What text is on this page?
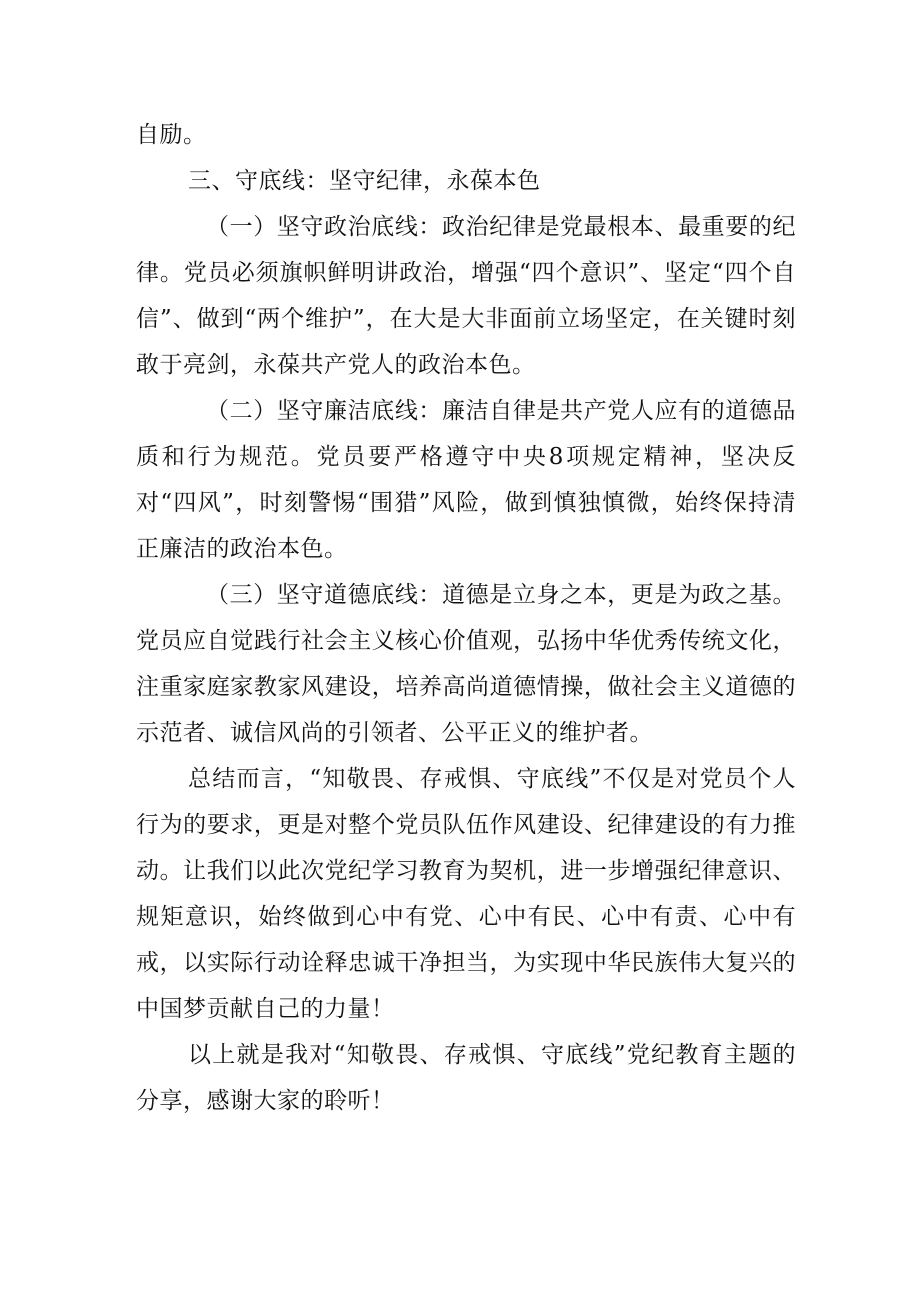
自励。

三、守底线：坚守纪律，永葆本色

（一）坚守政治底线：政治纪律是党最根本、最重要的纪律。党员必须旗帜鲜明讲政治，增强“四个意识”、坚定“四个自信”、做到“两个维护”，在大是大非面前立场坚定，在关键时刻敢于亮剑，永葆共产党人的政治本色。

（二）坚守廉洁底线：廉洁自律是共产党人应有的道德品质和行为规范。党员要严格遵守中央8项规定精神，坚决反对“四风”，时刻警惕“围猎”风险，做到慎独慎微，始终保持清正廉洁的政治本色。

（三）坚守道德底线：道德是立身之本，更是为政之基。党员应自觉践行社会主义核心价值观，弘扬中华优秀传统文化，注重家庭家教家风建设，培养高尚道德情操，做社会主义道德的示范者、诚信风尚的引领者、公平正义的维护者。

总结而言，“知敬畏、存戒惧、守底线”不仅是对党员个人行为的要求，更是对整个党员队伍作风建设、纪律建设的有力推动。让我们以此次党纪学习教育为契机，进一步增强纪律意识、规矩意识，始终做到心中有党、心中有民、心中有责、心中有戒，以实际行动诠释忠诚干净担当，为实现中华民族伟大复兴的中国梦贡献自己的力量！

以上就是我对“知敬畏、存戒惧、守底线”党纪教育主题的分享，感谢大家的聆听！
